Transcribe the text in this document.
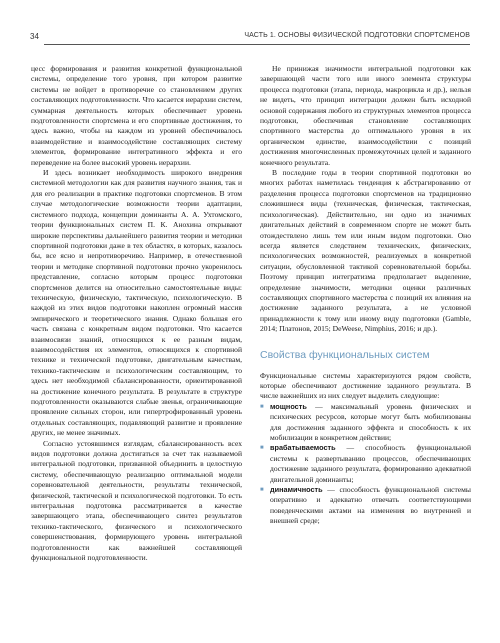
34	ЧАСТЬ 1. ОСНОВЫ ФИЗИЧЕСКОЙ ПОДГОТОВКИ СПОРТСМЕНОВ

цесс формирования и развития конкретной функциональной системы, определение того уровня, при котором развитие системы не войдет в противоречие со становлением других составляющих подготовленности. Что касается иерархии систем, суммарная деятельность которых обеспечивает уровень подготовленности спортсмена и его спортивные достижения, то здесь важно, чтобы на каждом из уровней обеспечивалось взаимодействие и взаимосодействие составляющих систему элементов, формирование интегративного эффекта и его переведение на более высокий уровень иерархии.

И здесь возникает необходимость широкого внедрения системной методологии как для развития научного знания, так и для его реализации в практике подготовки спортсменов. В этом случае методологические возможности теории адаптации, системного подхода, концепции доминанты А. А. Ухтомского, теории функциональных систем П. К. Анохина открывают широкие перспективы дальнейшего развития теории и методики спортивной подготовки даже в тех областях, в которых, казалось бы, все ясно и непротиворечиво. Например, в отечественной теории и методике спортивной подготовки прочно укоренилось представление, согласно которым процесс подготовки спортсменов делится на относительно самостоятельные виды: техническую, физическую, тактическую, психологическую. В каждой из этих видов подготовки накоплен огромный массив эмпирического и теоретического знания. Однако большая его часть связана с конкретным видом подготовки. Что касается взаимосвязи знаний, относящихся к ее разным видам, взаимосодействия их элементов, относящихся к спортивной технике и технической подготовке, двигательным качествам, технико-тактическим и психологическим составляющим, то здесь нет необходимой сбалансированности, ориентированной на достижение конечного результата. В результате в структуре подготовленности оказываются слабые звенья, ограничивающие проявление сильных сторон, или гипертрофированный уровень отдельных составляющих, подавляющий развитие и проявление других, не менее значимых.

Согласно устоявшимся взглядам, сбалансированность всех видов подготовки должна достигаться за счет так называемой интегральной подготовки, призванной объединить в целостную систему, обеспечивающую реализацию оптимальной модели соревновательной деятельности, результаты технической, физической, тактической и психологической подготовки. То есть интегральная подготовка рассматривается в качестве завершающего этапа, обеспечивающего синтез результатов технико-тактического, физического и психологического совершенствования, формирующего уровень интегральной подготовленности как важнейшей составляющей функциональной подготовленности.

Не принижая значимости интегральной подготовки как завершающей части того или иного элемента структуры процесса подготовки (этапа, периода, макроцикла и др.), нельзя не видеть, что принцип интеграции должен быть исходной основой содержания любого из структурных элементов процесса подготовки, обеспечивая становление составляющих спортивного мастерства до оптимального уровня в их органическом единстве, взаимосодействии с позиций достижения многочисленных промежуточных целей и заданного конечного результата.

В последние годы в теории спортивной подготовки во многих работах наметилась тенденция к абстрагированию от разделения процесса подготовки спортсменов на традиционно сложившиеся виды (техническая, физическая, тактическая, психологическая). Действительно, ни одно из значимых двигательных действий в современном спорте не может быть отождествлено лишь тем или иным видом подготовки. Оно всегда является следствием технических, физических, психологических возможностей, реализуемых в конкретной ситуации, обусловленной тактикой соревновательной борьбы. Поэтому принцип интегратизма предполагает выделение, определение значимости, методики оценки различных составляющих спортивного мастерства с позиций их влияния на достижение заданного результата, а не условной принадлежности к тому или иному виду подготовки (Gamble, 2014; Платонов, 2015; DeWeese, Nimphius, 2016; и др.).

Свойства функциональных систем

Функциональные системы характеризуются рядом свойств, которые обеспечивают достижение заданного результата. В числе важнейших из них следует выделить следующие:

■ мощность — максимальный уровень физических и психических ресурсов, которые могут быть мобилизованы для достижения заданного эффекта и способность к их мобилизации в конкретном действии;
■ врабатываемость — способность функциональной системы к развертыванию процессов, обеспечивающих достижение заданного результата, формированию адекватной двигательной доминанты;
■ динамичность — способность функциональной системы оперативно и адекватно отвечать соответствующими поведенческими актами на изменения во внутренней и внешней среде;
